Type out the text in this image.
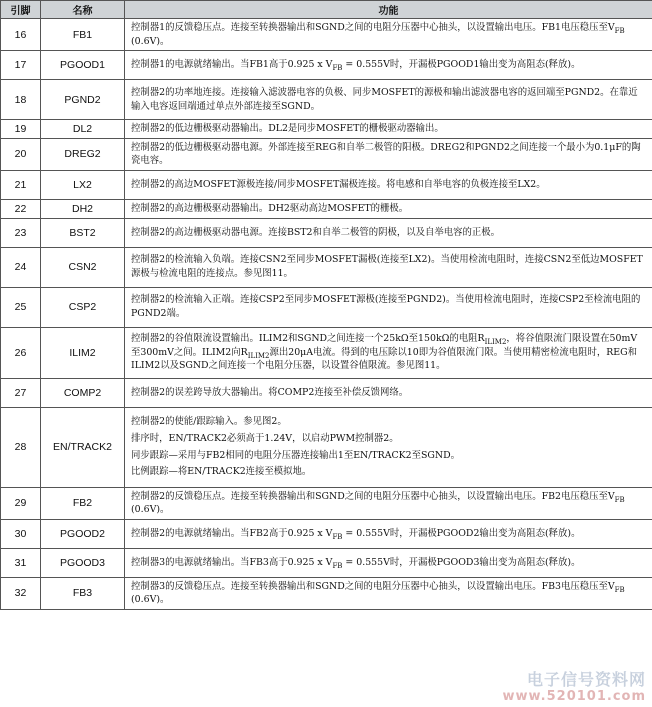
引脚	名称	功能
16	FB1	控制器1的反馈稳压点。连接至转换器输出和SGND之间的电阻分压器中心抽头，以设置输出电压。FB1电压稳压至$V_{FB}$ (0.6V)。
17	PGOOD1	控制器1的电源就绪输出。当FB1高于0.925 x $V_{FB} = 0.555V$时，开漏极PGOOD1输出变为高阻态(释放)。
18	PGND2	控制器2的功率地连接。连接输入滤波器电容的负极、同步MOSFET的源极和输出滤波器电容的返回端至PGND2。在靠近输入电容返回端通过单点外部连接至SGND。
19	DL2	控制器2的低边栅极驱动器输出。DL2是同步MOSFET的栅极驱动器输出。
20	DREG2	控制器2的低边栅极驱动器电源。外部连接至REG和自举二极管的阳极。DREG2和PGND2之间连接一个最小为0.1μF的陶瓷电容。
21	LX2	控制器2的高边MOSFET源极连接/同步MOSFET漏极连接。将电感和自举电容的负极连接至LX2。
22	DH2	控制器2的高边栅极驱动器输出。DH2驱动高边MOSFET的栅极。
23	BST2	控制器2的高边栅极驱动器电源。连接BST2和自举二极管的阴极，以及自举电容的正极。
24	CSN2	控制器2的检流输入负端。连接CSN2至同步MOSFET漏极(连接至LX2)。当使用检流电阻时，连接CSN2至低边MOSFET源极与检流电阻的连接点。参见图11。
25	CSP2	控制器2的检流输入正端。连接CSP2至同步MOSFET源极(连接至PGND2)。当使用检流电阻时，连接CSP2至检流电阻的PGND2端。
26	ILIM2	控制器2的谷值限流设置输出。ILIM2和SGND之间连接一个25kΩ至150kΩ的电阻$R_{ILIM2}$，将谷值限流门限设置在50mV至300mV之间。ILIM2向$R_{ILIM2}$源出20μA电流。得到的电压除以10即为谷值限流门限。当使用精密检流电阻时，REG和ILIM2以及SGND之间连接一个电阻分压器，以设置谷值限流。参见图11。
27	COMP2	控制器2的误差跨导放大器输出。将COMP2连接至补偿反馈网络。
28	EN/TRACK2	控制器2的使能/跟踪输入。参见图2。

排序时，EN/TRACK2必须高于1.24V，以启动PWM控制器2。

同步跟踪—采用与FB2相同的电阻分压器连接输出1至EN/TRACK2至SGND。

比例跟踪—将EN/TRACK2连接至模拟地。

29	FB2	控制器2的反馈稳压点。连接至转换器输出和SGND之间的电阻分压器中心抽头，以设置输出电压。FB2电压稳压至$V_{FB}$ (0.6V)。
30	PGOOD2	控制器2的电源就绪输出。当FB2高于0.925 x $V_{FB} = 0.555V$时，开漏极PGOOD2输出变为高阻态(释放)。
31	PGOOD3	控制器3的电源就绪输出。当FB3高于0.925 x $V_{FB} = 0.555V$时，开漏极PGOOD3输出变为高阻态(释放)。
32	FB3	控制器3的反馈稳压点。连接至转换器输出和SGND之间的电阻分压器中心抽头，以设置输出电压。FB3电压稳压至$V_{FB}$ (0.6V)。
电子信号资料网
www.520101.com
